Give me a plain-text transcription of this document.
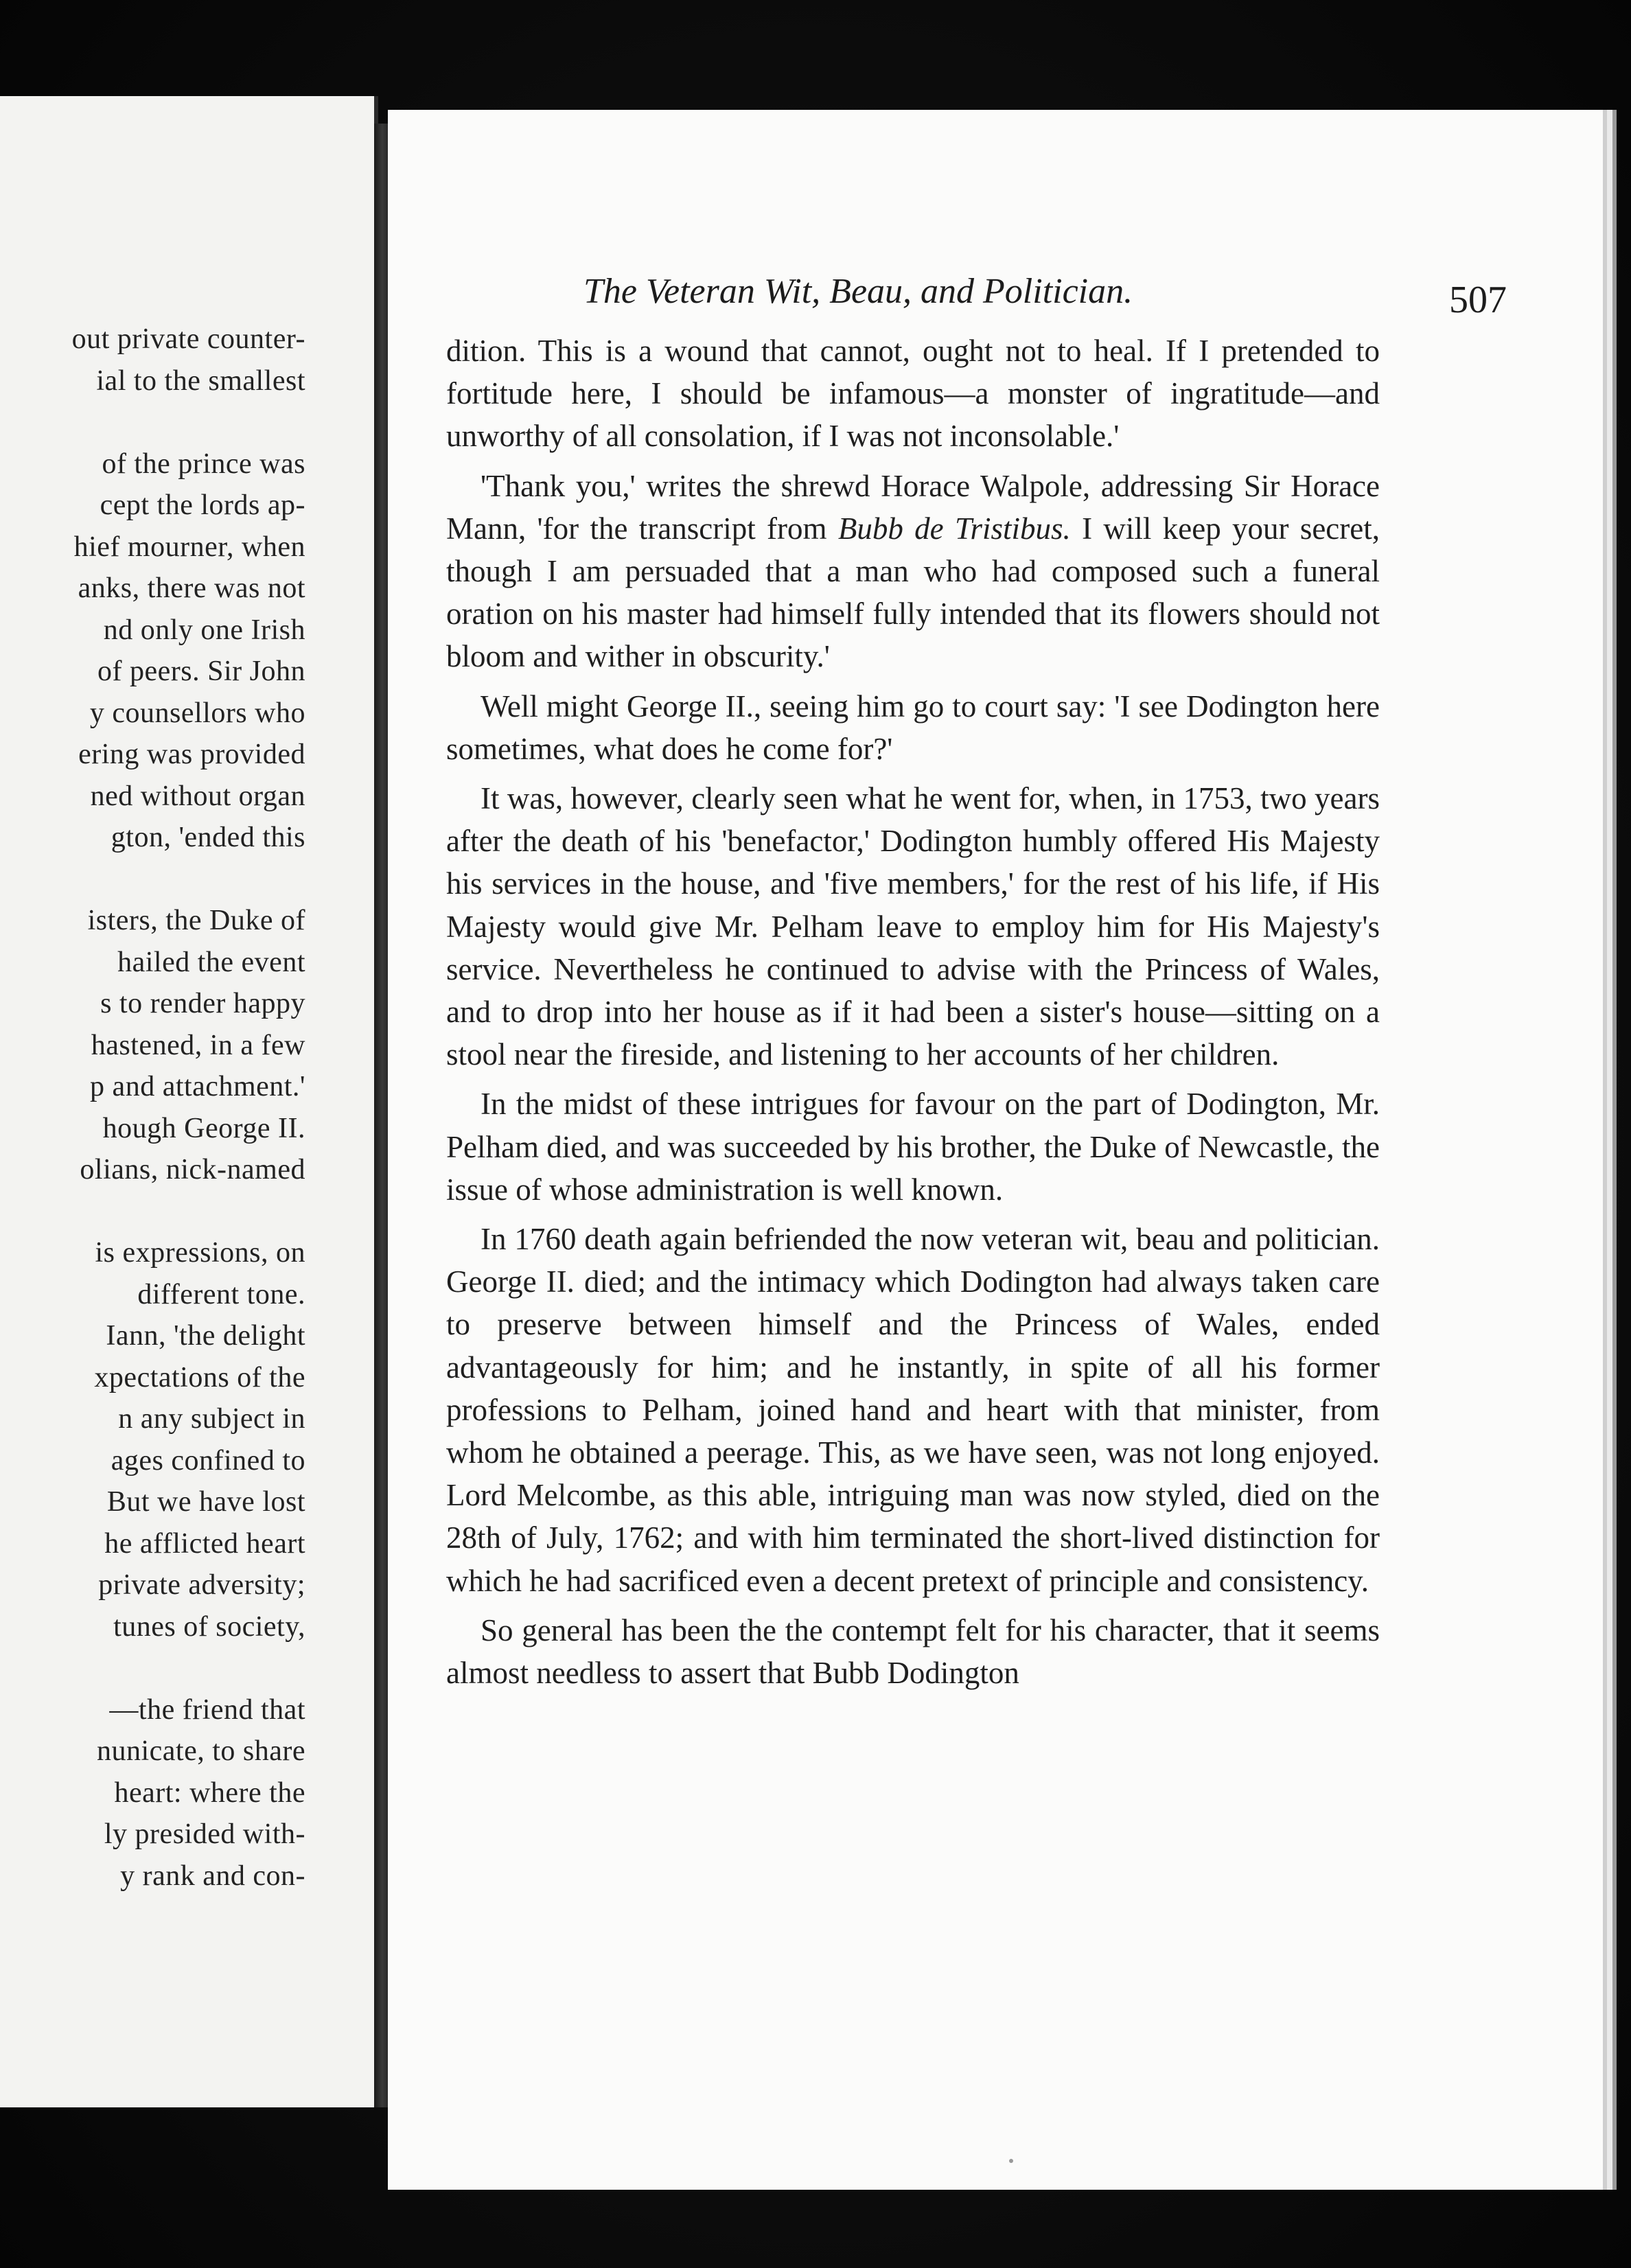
out private counter-
ial to the smallest
of the prince was
cept the lords ap-
hief mourner, when
anks, there was not
nd only one Irish
of peers. Sir John
y counsellors who
ering was provided
ned without organ
gton, 'ended this
isters, the Duke of
hailed the event
s to render happy
hastened, in a few
p and attachment.'
hough George II.
olians, nick-named
is expressions, on
different tone.
Iann, 'the delight
xpectations of the
n any subject in
ages confined to
But we have lost
he afflicted heart
private adversity;
tunes of society,
—the friend that
nunicate, to share
heart: where the
ly presided with-
y rank and con-
The Veteran Wit, Beau, and Politician.	507

dition. This is a wound that cannot, ought not to heal. If I pretended to fortitude here, I should be infamous—a monster of ingratitude—and unworthy of all consolation, if I was not inconsolable.'

'Thank you,' writes the shrewd Horace Walpole, addressing Sir Horace Mann, 'for the transcript from Bubb de Tristibus. I will keep your secret, though I am persuaded that a man who had composed such a funeral oration on his master had himself fully intended that its flowers should not bloom and wither in obscurity.'

Well might George II., seeing him go to court say: 'I see Dodington here sometimes, what does he come for?'

It was, however, clearly seen what he went for, when, in 1753, two years after the death of his 'benefactor,' Dodington humbly offered His Majesty his services in the house, and 'five members,' for the rest of his life, if His Majesty would give Mr. Pelham leave to employ him for His Majesty's service. Nevertheless he continued to advise with the Princess of Wales, and to drop into her house as if it had been a sister's house—sitting on a stool near the fireside, and listening to her accounts of her children.

In the midst of these intrigues for favour on the part of Dodington, Mr. Pelham died, and was succeeded by his brother, the Duke of Newcastle, the issue of whose administration is well known.

In 1760 death again befriended the now veteran wit, beau and politician. George II. died; and the intimacy which Dodington had always taken care to preserve between himself and the Princess of Wales, ended advantageously for him; and he instantly, in spite of all his former professions to Pelham, joined hand and heart with that minister, from whom he obtained a peerage. This, as we have seen, was not long enjoyed. Lord Melcombe, as this able, intriguing man was now styled, died on the 28th of July, 1762; and with him terminated the short-lived distinction for which he had sacrificed even a decent pretext of principle and consistency.

So general has been the the contempt felt for his character, that it seems almost needless to assert that Bubb Dodington
